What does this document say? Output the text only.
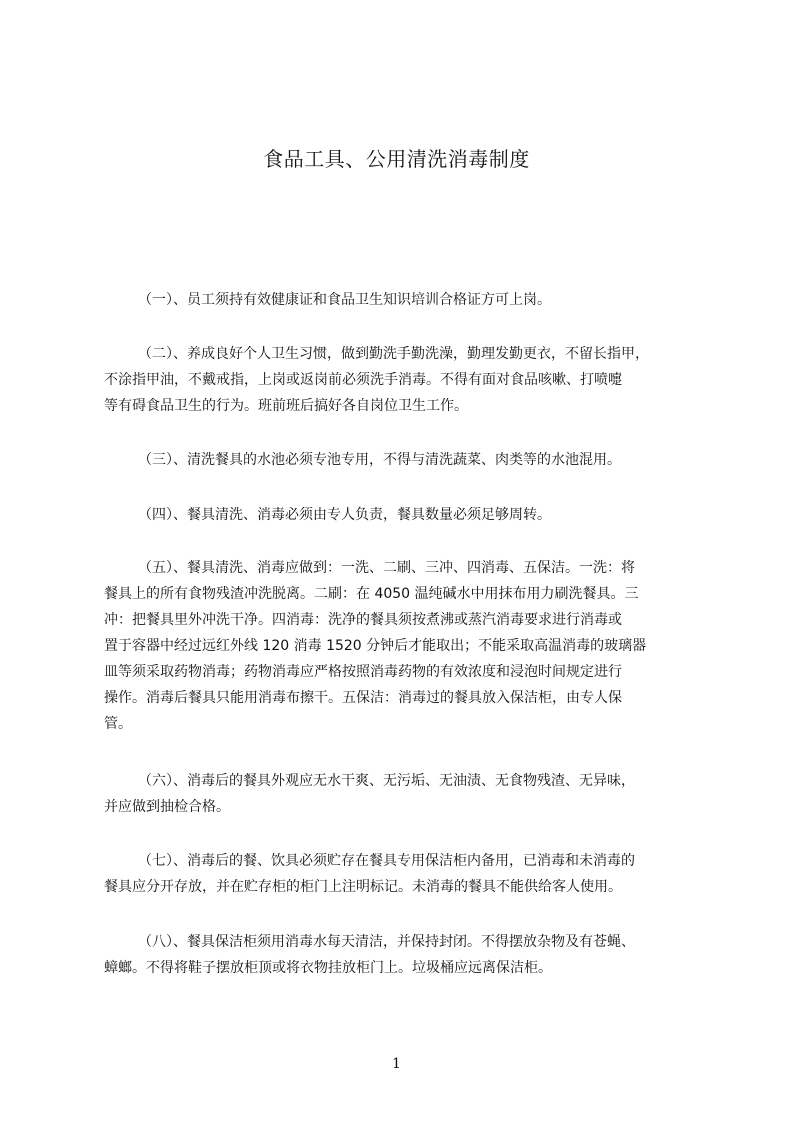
食品工具、公用清洗消毒制度
（一）、员工须持有效健康证和食品卫生知识培训合格证方可上岗。
（二）、养成良好个人卫生习惯，做到勤洗手勤洗澡，勤理发勤更衣，不留长指甲，
不涂指甲油，不戴戒指，上岗或返岗前必须洗手消毒。不得有面对食品咳嗽、打喷嚏
等有碍食品卫生的行为。班前班后搞好各自岗位卫生工作。
（三）、清洗餐具的水池必须专池专用，不得与清洗蔬菜、肉类等的水池混用。
（四）、餐具清洗、消毒必须由专人负责，餐具数量必须足够周转。
（五）、餐具清洗、消毒应做到：一洗、二刷、三冲、四消毒、五保洁。一洗：将
餐具上的所有食物残渣冲洗脱离。二刷：在 4050 温纯碱水中用抹布用力刷洗餐具。三
冲：把餐具里外冲洗干净。四消毒：洗净的餐具须按煮沸或蒸汽消毒要求进行消毒或
置于容器中经过远红外线 120 消毒 1520 分钟后才能取出；不能采取高温消毒的玻璃器
皿等须采取药物消毒；药物消毒应严格按照消毒药物的有效浓度和浸泡时间规定进行
操作。消毒后餐具只能用消毒布擦干。五保洁：消毒过的餐具放入保洁柜，由专人保
管。
（六）、消毒后的餐具外观应无水干爽、无污垢、无油渍、无食物残渣、无异味，
并应做到抽检合格。
（七）、消毒后的餐、饮具必须贮存在餐具专用保洁柜内备用，已消毒和未消毒的
餐具应分开存放，并在贮存柜的柜门上注明标记。未消毒的餐具不能供给客人使用。
（八）、餐具保洁柜须用消毒水每天清洁，并保持封闭。不得摆放杂物及有苍蝇、
蟑螂。不得将鞋子摆放柜顶或将衣物挂放柜门上。垃圾桶应远离保洁柜。
1
